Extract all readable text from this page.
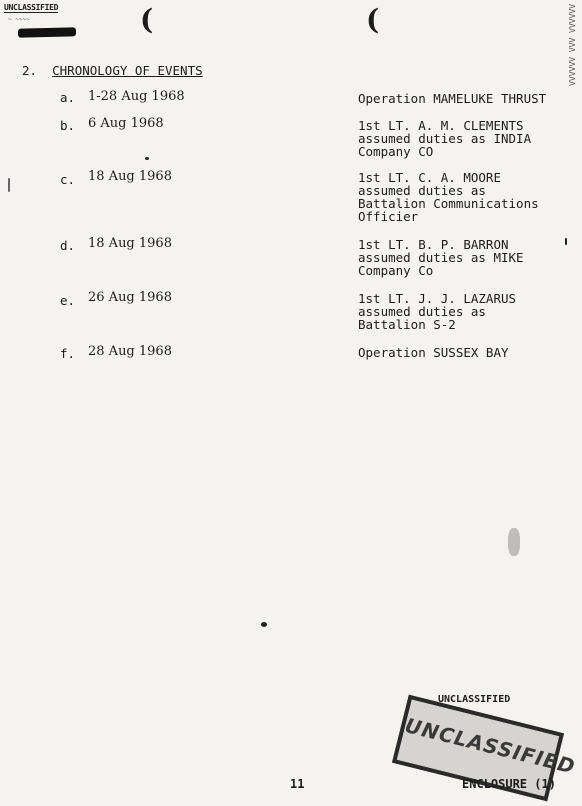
UNCLASSIFIED
~ ~~~~	(	(	ΛΛΛΛΛΛ ΛΛΛ ΛΛΛΛΛΛ
2. CHRONOLOGY OF EVENTS
a. 1-28 Aug 1968	Operation MAMELUKE THRUST
b. 6 Aug 1968	1st LT. A. M. CLEMENTS
assumed duties as INDIA
Company CO
c. 18 Aug 1968	1st LT. C. A. MOORE
assumed duties as
Battalion Communications
Officier
d. 18 Aug 1968	1st LT. B. P. BARRON
assumed duties as MIKE
Company Co
e. 26 Aug 1968	1st LT. J. J. LAZARUS
assumed duties as
Battalion S-2
f. 28 Aug 1968	Operation SUSSEX BAY
UNCLASSIFIED
UNCLASSIFIED
11	ENCLOSURE (1)
